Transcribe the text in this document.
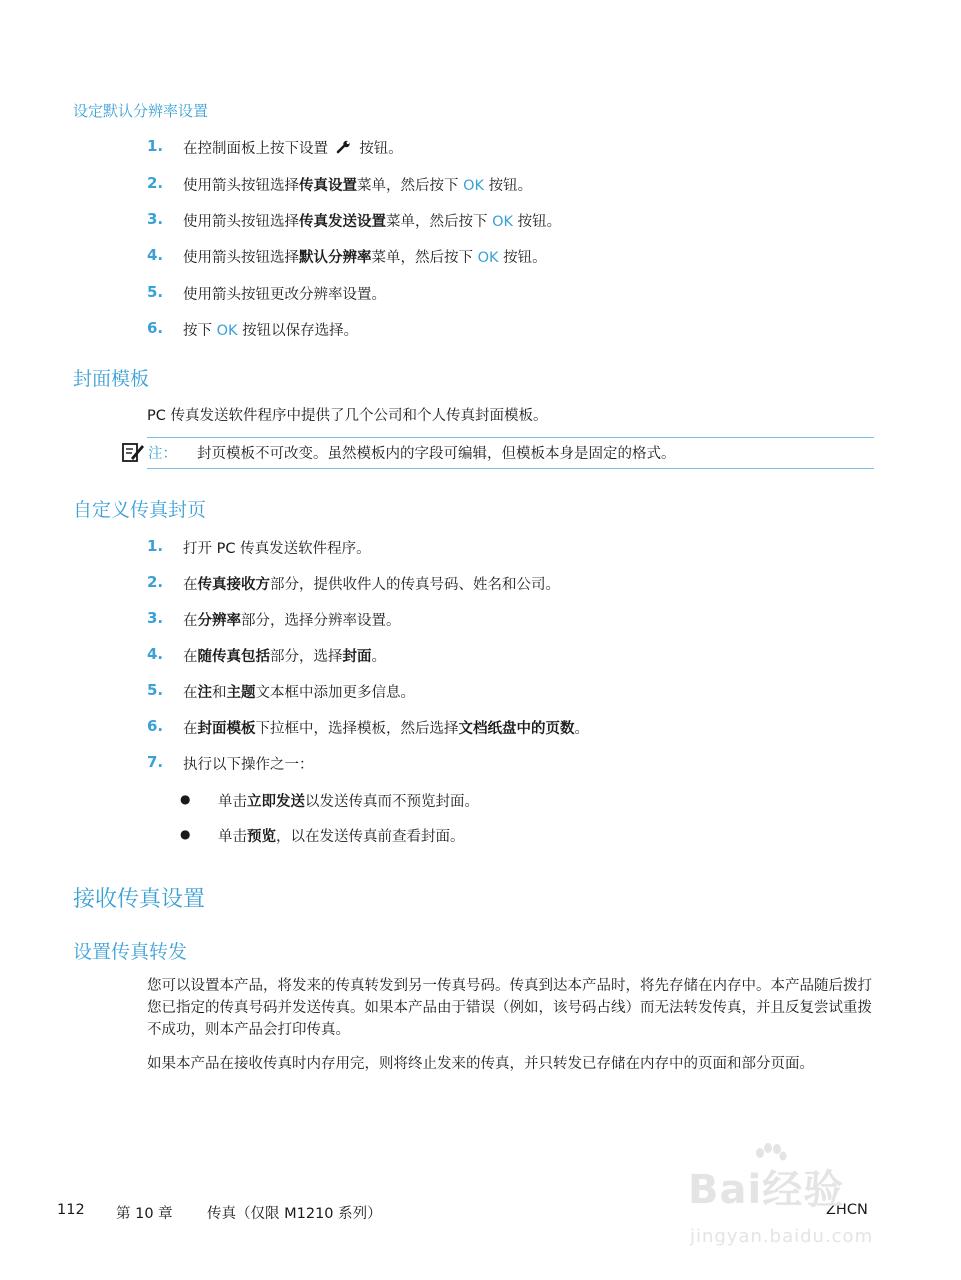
设定默认分辨率设置
1. 在控制面板上按下设置 按钮。
2. 使用箭头按钮选择传真设置菜单，然后按下 OK 按钮。
3. 使用箭头按钮选择传真发送设置菜单，然后按下 OK 按钮。
4. 使用箭头按钮选择默认分辨率菜单，然后按下 OK 按钮。
5. 使用箭头按钮更改分辨率设置。
6. 按下 OK 按钮以保存选择。
封面模板
PC 传真发送软件程序中提供了几个公司和个人传真封面模板。
注： 封页模板不可改变。虽然模板内的字段可编辑，但模板本身是固定的格式。
自定义传真封页
1. 打开 PC 传真发送软件程序。
2. 在传真接收方部分，提供收件人的传真号码、姓名和公司。
3. 在分辨率部分，选择分辨率设置。
4. 在随传真包括部分，选择封面。
5. 在注和主题文本框中添加更多信息。
6. 在封面模板下拉框中，选择模板，然后选择文档纸盘中的页数。
7. 执行以下操作之一：
● 单击立即发送以发送传真而不预览封面。
● 单击预览，以在发送传真前查看封面。
接收传真设置
设置传真转发
您可以设置本产品，将发来的传真转发到另一传真号码。传真到达本产品时，将先存储在内存中。本产品随后拨打您已指定的传真号码并发送传真。如果本产品由于错误（例如，该号码占线）而无法转发传真，并且反复尝试重拨不成功，则本产品会打印传真。
如果本产品在接收传真时内存用完，则将终止发来的传真，并只转发已存储在内存中的页面和部分页面。
112 第 10 章 传真（仅限 M1210 系列）	ZHCN
Bai经验
jingyan.baidu.com
